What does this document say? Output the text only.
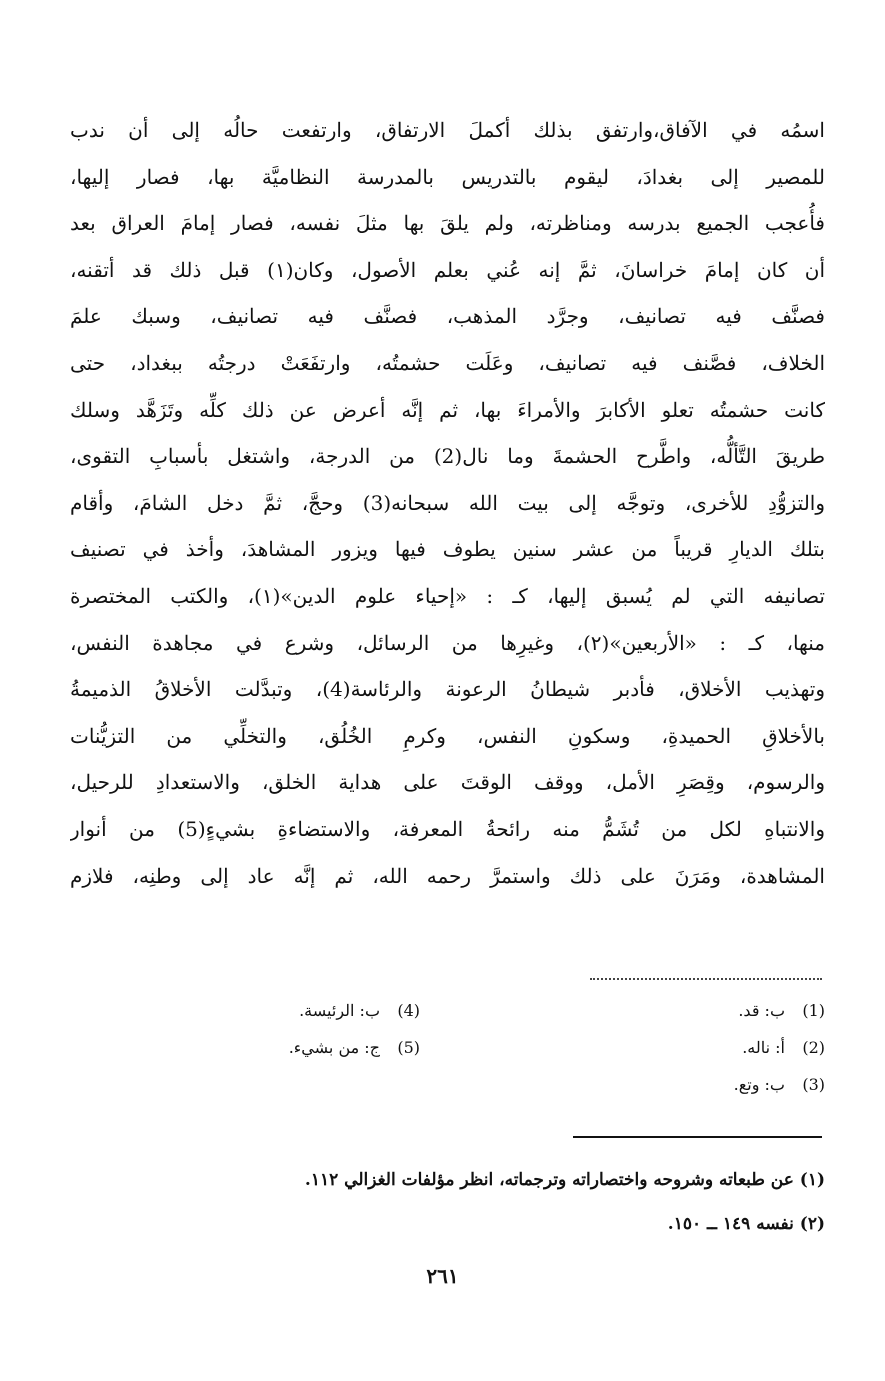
اسمُه في الآفاق،وارتفق بذلك أكملَ الارتفاق، وارتفعت حالُه إلى أن ندب
للمصير إلى بغدادَ، ليقوم بالتدريس بالمدرسة النظاميَّة بها، فصار إليها،
فأُعجب الجميع بدرسه ومناظرته، ولم يلقَ بها مثلَ نفسه، فصار إمامَ العراق بعد
أن كان إمامَ خراسانَ، ثمَّ إنه عُني بعلم الأصول، وكان(١) قبل ذلك قد أتقنه،
فصنَّف فيه تصانيف، وجرَّد المذهب، فصنَّف فيه تصانيف، وسبك علمَ
الخلاف، فصَّنف فيه تصانيف، وعَلَت حشمتُه، وارتفَعَتْ درجتُه ببغداد، حتى
كانت حشمتُه تعلو الأكابرَ والأمراءَ بها، ثم إنَّه أعرض عن ذلك كلِّه وتَزَهَّد وسلك
طريقَ التَّألُّه، واطَّرح الحشمةَ وما نال(2) من الدرجة، واشتغل بأسبابِ التقوى،
والتزوُّدِ للأخرى، وتوجَّه إلى بيت الله سبحانه(3) وحجَّ، ثمَّ دخل الشامَ، وأقام
بتلك الديارِ قريباً من عشر سنين يطوف فيها ويزور المشاهدَ، وأخذ في تصنيف
تصانيفه التي لم يُسبق إليها، كـ : «إحياء علوم الدين»(١)، والكتب المختصرة
منها، كـ : «الأربعين»(٢)، وغيرِها من الرسائل، وشرع في مجاهدة النفس،
وتهذيب الأخلاق، فأدبر شيطانُ الرعونة والرئاسة(4)، وتبدَّلت الأخلاقُ الذميمةُ
بالأخلاقِ الحميدةِ، وسكونِ النفس، وكرمِ الخُلُق، والتخلِّي من التزيُّنات
والرسوم، وقِصَرِ الأمل، ووقف الوقتَ على هداية الخلق، والاستعدادِ للرحيل،
والانتباهِ لكل من تُشَمُّ منه رائحةُ المعرفة، والاستضاءةِ بشيءٍ(5) من أنوار
المشاهدة، ومَرَنَ على ذلك واستمرَّ رحمه الله، ثم إنَّه عاد إلى وطنِه، فلازم
(1)ب: قد.
(2)أ: ناله.
(3)ب: وتع.
(4)ب: الرئيسة.
(5)ج: من بشيء.
(١) عن طبعاته وشروحه واختصاراته وترجماته، انظر مؤلفات الغزالي ١١٢.
(٢) نفسه ١٤٩ ــ ١٥٠.
٢٦١
